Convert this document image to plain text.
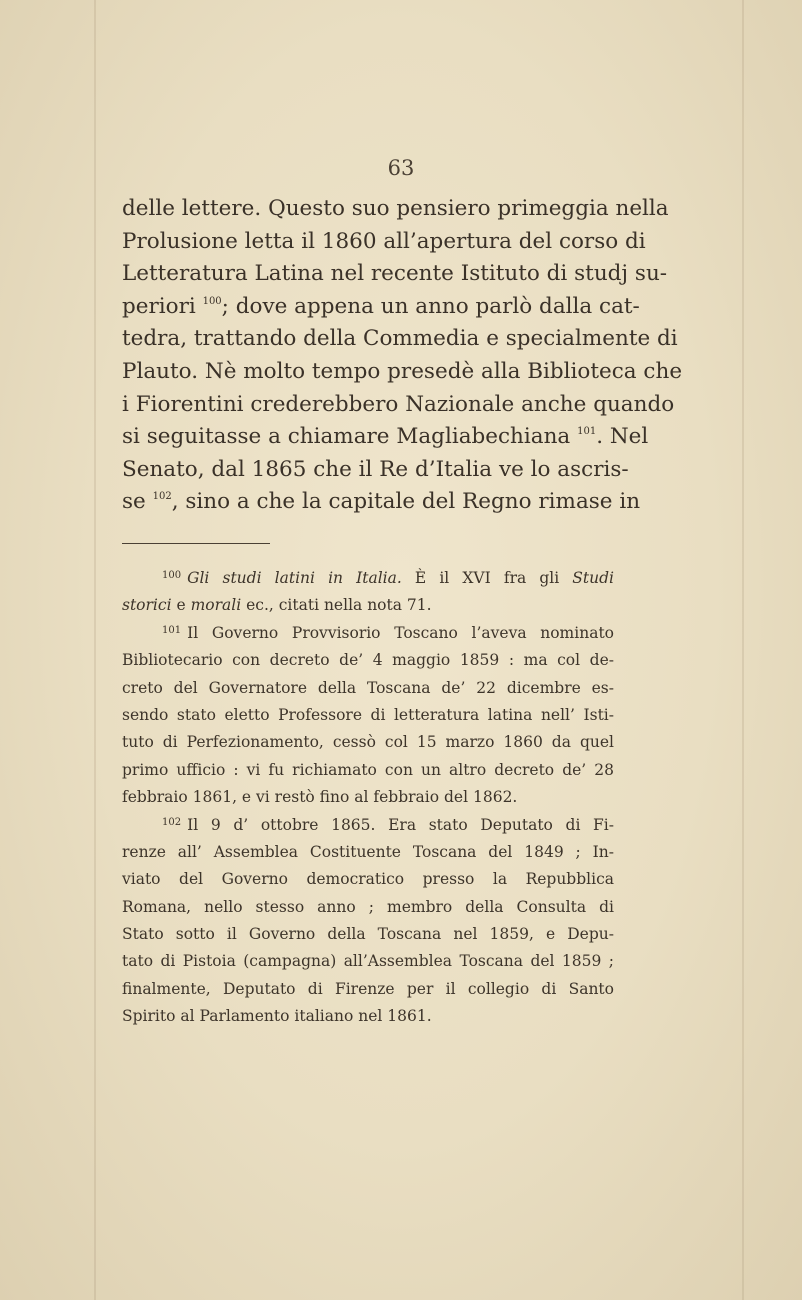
63
delle lettere. Questo suo pensiero primeggia nella
Prolusione letta il 1860 all’apertura del corso di
Letteratura Latina nel recente Istituto di studj su-
periori $^{100}$; dove appena un anno parlò dalla cat-
tedra, trattando della Commedia e specialmente di
Plauto. Nè molto tempo presedè alla Biblioteca che
i Fiorentini crederebbero Nazionale anche quando
si seguitasse a chiamare Magliabechiana $^{101}$. Nel
Senato, dal 1865 che il Re d’Italia ve lo ascris-
se $^{102}$, sino a che la capitale del Regno rimase in
$^{100}$ Gli studi latini in Italia. È il XVI fra gli Studi
storici e morali ec., citati nella nota 71.
$^{101}$ Il Governo Provvisorio Toscano l’aveva nominato
Bibliotecario con decreto de’ 4 maggio 1859 : ma col de-
creto del Governatore della Toscana de’ 22 dicembre es-
sendo stato eletto Professore di letteratura latina nell’ Isti-
tuto di Perfezionamento, cessò col 15 marzo 1860 da quel
primo ufficio : vi fu richiamato con un altro decreto de’ 28
febbraio 1861, e vi restò fino al febbraio del 1862.
$^{102}$ Il 9 d’ ottobre 1865. Era stato Deputato di Fi-
renze all’ Assemblea Costituente Toscana del 1849 ; In-
viato del Governo democratico presso la Repubblica
Romana, nello stesso anno ; membro della Consulta di
Stato sotto il Governo della Toscana nel 1859, e Depu-
tato di Pistoia (campagna) all’Assemblea Toscana del 1859 ;
finalmente, Deputato di Firenze per il collegio di Santo
Spirito al Parlamento italiano nel 1861.
